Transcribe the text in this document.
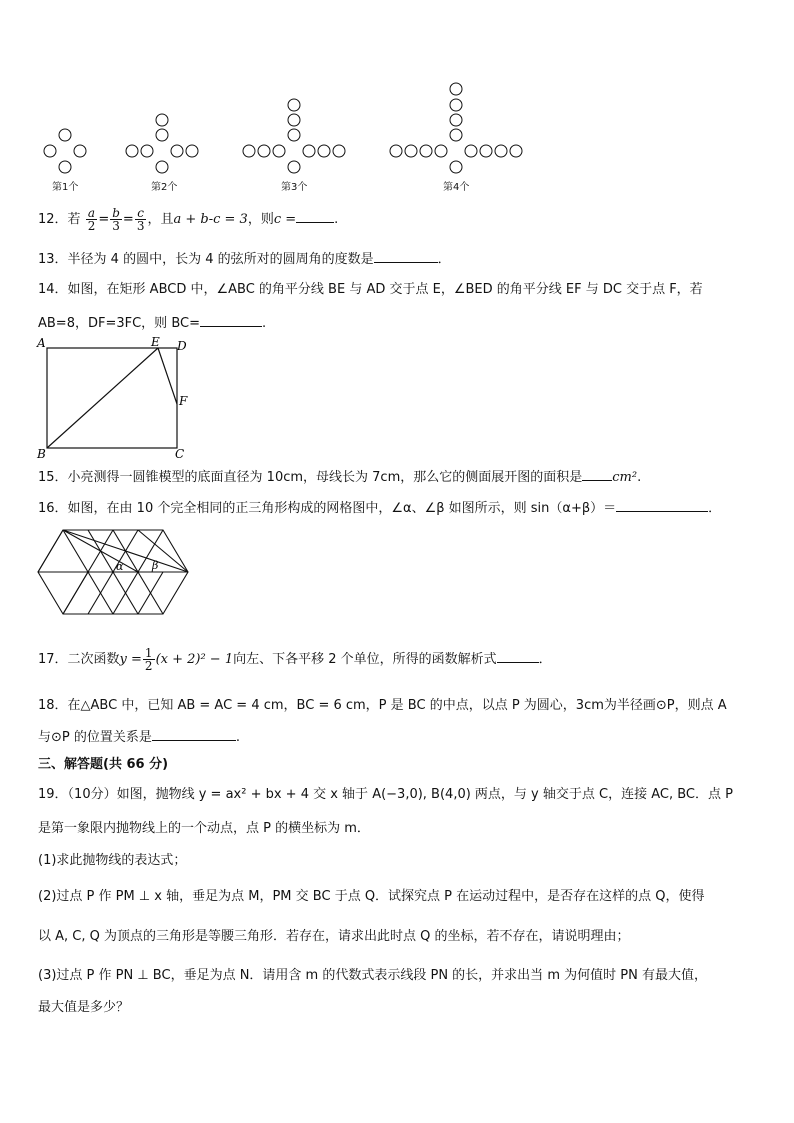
第1个	第2个	第3个	第4个
12．若 $\frac{a}{2} = \frac{b}{3} = \frac{c}{3}$ ，且a + b-c = 3，则c =	.
13．半径为 4 的圆中，长为 4 的弦所对的圆周角的度数是	．
14．如图，在矩形 ABCD 中，∠ABC 的角平分线 BE 与 AD 交于点 E，∠BED 的角平分线 EF 与 DC 交于点 F，若
AB=8，DF=3FC，则 BC=	.
A	E D
F
B	C
15．小亮测得一圆锥模型的底面直径为 10cm，母线长为 7cm，那么它的侧面展开图的面积是 cm².
16．如图，在由 10 个完全相同的正三角形构成的网格图中，∠α、∠β 如图所示，则 sin（α+β）＝	．
α	β
17．二次函数$y = \frac{1}{2} (x + 2)^2 - 1$向左、下各平移 2 个单位，所得的函数解析式	．
18．在△ABC 中，已知 AB = AC = 4 cm，BC = 6 cm，P 是 BC 的中点，以点 P 为圆心，3cm为半径画⊙P，则点 A
与⊙P 的位置关系是	.
三、解答题(共 66 分)
19．（10分）如图，抛物线 y = ax² + bx + 4 交 x 轴于 A(−3,0), B(4,0) 两点，与 y 轴交于点 C，连接 AC, BC．点 P
是第一象限内抛物线上的一个动点，点 P 的横坐标为 m．
(1)求此抛物线的表达式；
(2)过点 P 作 PM ⊥ x 轴，垂足为点 M，PM 交 BC 于点 Q．试探究点 P 在运动过程中，是否存在这样的点 Q，使得
以 A, C, Q 为顶点的三角形是等腰三角形．若存在，请求出此时点 Q 的坐标，若不存在，请说明理由；
(3)过点 P 作 PN ⊥ BC，垂足为点 N．请用含 m 的代数式表示线段 PN 的长，并求出当 m 为何值时 PN 有最大值，
最大值是多少？
